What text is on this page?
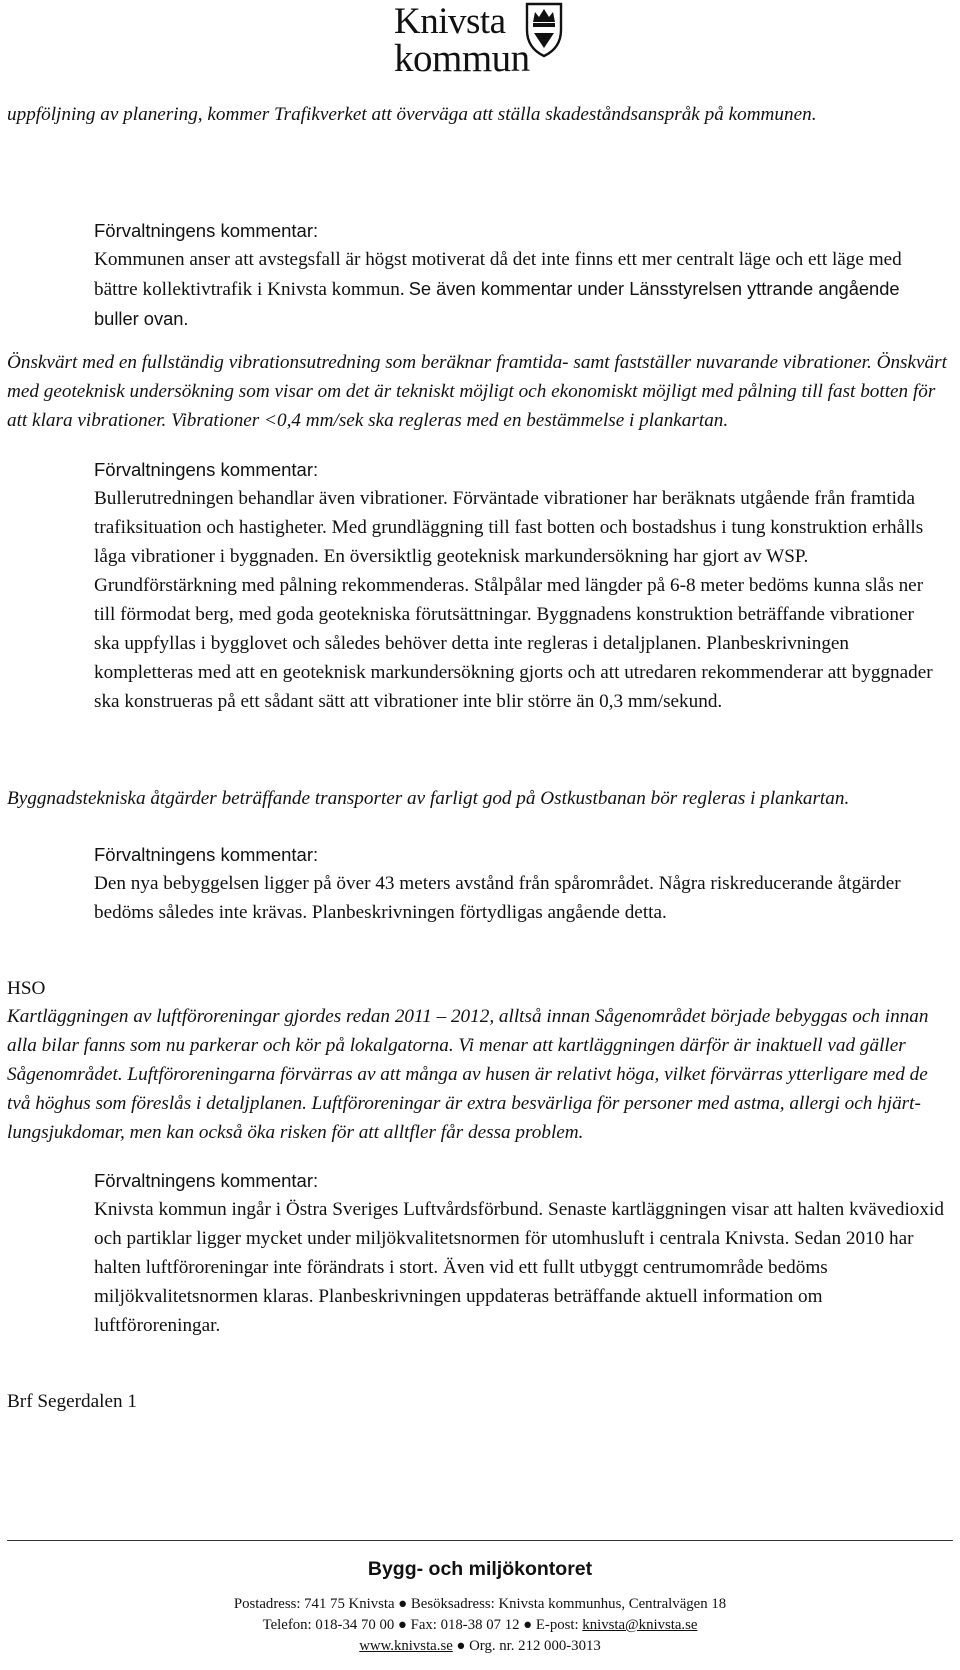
Knivsta
kommun

uppföljning av planering, kommer Trafikverket att överväga att ställa skadeståndsanspråk på kommunen.

Förvaltningens kommentar:
Kommunen anser att avstegsfall är högst motiverat då det inte finns ett mer centralt läge och ett läge med bättre kollektivtrafik i Knivsta kommun. Se även kommentar under Länsstyrelsen yttrande angående buller ovan.

Önskvärt med en fullständig vibrationsutredning som beräknar framtida- samt fastställer nuvarande vibrationer. Önskvärt med geoteknisk undersökning som visar om det är tekniskt möjligt och ekonomiskt möjligt med pålning till fast botten för att klara vibrationer. Vibrationer <0,4 mm/sek ska regleras med en bestämmelse i plankartan.

Förvaltningens kommentar:
Bullerutredningen behandlar även vibrationer. Förväntade vibrationer har beräknats utgående från framtida trafiksituation och hastigheter. Med grundläggning till fast botten och bostadshus i tung konstruktion erhålls låga vibrationer i byggnaden. En översiktlig geoteknisk markundersökning har gjort av WSP. Grundförstärkning med pålning rekommenderas. Stålpålar med längder på 6-8 meter bedöms kunna slås ner till förmodat berg, med goda geotekniska förutsättningar. Byggnadens konstruktion beträffande vibrationer ska uppfyllas i bygglovet och således behöver detta inte regleras i detaljplanen. Planbeskrivningen kompletteras med att en geoteknisk markundersökning gjorts och att utredaren rekommenderar att byggnader ska konstrueras på ett sådant sätt att vibrationer inte blir större än 0,3 mm/sekund.

Byggnadstekniska åtgärder beträffande transporter av farligt god på Ostkustbanan bör regleras i plankartan.

Förvaltningens kommentar:
Den nya bebyggelsen ligger på över 43 meters avstånd från spårområdet. Några riskreducerande åtgärder bedöms således inte krävas. Planbeskrivningen förtydligas angående detta.

HSO

Kartläggningen av luftföroreningar gjordes redan 2011 – 2012, alltså innan Sågenområdet började bebyggas och innan alla bilar fanns som nu parkerar och kör på lokalgatorna. Vi menar att kartläggningen därför är inaktuell vad gäller Sågenområdet. Luftföroreningarna förvärras av att många av husen är relativt höga, vilket förvärras ytterligare med de två höghus som föreslås i detaljplanen. Luftföroreningar är extra besvärliga för personer med astma, allergi och hjärt-lungsjukdomar, men kan också öka risken för att alltfler får dessa problem.

Förvaltningens kommentar:
Knivsta kommun ingår i Östra Sveriges Luftvårdsförbund. Senaste kartläggningen visar att halten kvävedioxid och partiklar ligger mycket under miljökvalitetsnormen för utomhusluft i centrala Knivsta. Sedan 2010 har halten luftföroreningar inte förändrats i stort. Även vid ett fullt utbyggt centrumområde bedöms miljökvalitetsnormen klaras. Planbeskrivningen uppdateras beträffande aktuell information om luftföroreningar.

Brf Segerdalen 1

Bygg- och miljökontoret
Postadress: 741 75 Knivsta ● Besöksadress: Knivsta kommunhus, Centralvägen 18
Telefon: 018-34 70 00 ● Fax: 018-38 07 12 ● E-post: knivsta@knivsta.se
www.knivsta.se ● Org. nr. 212 000-3013
